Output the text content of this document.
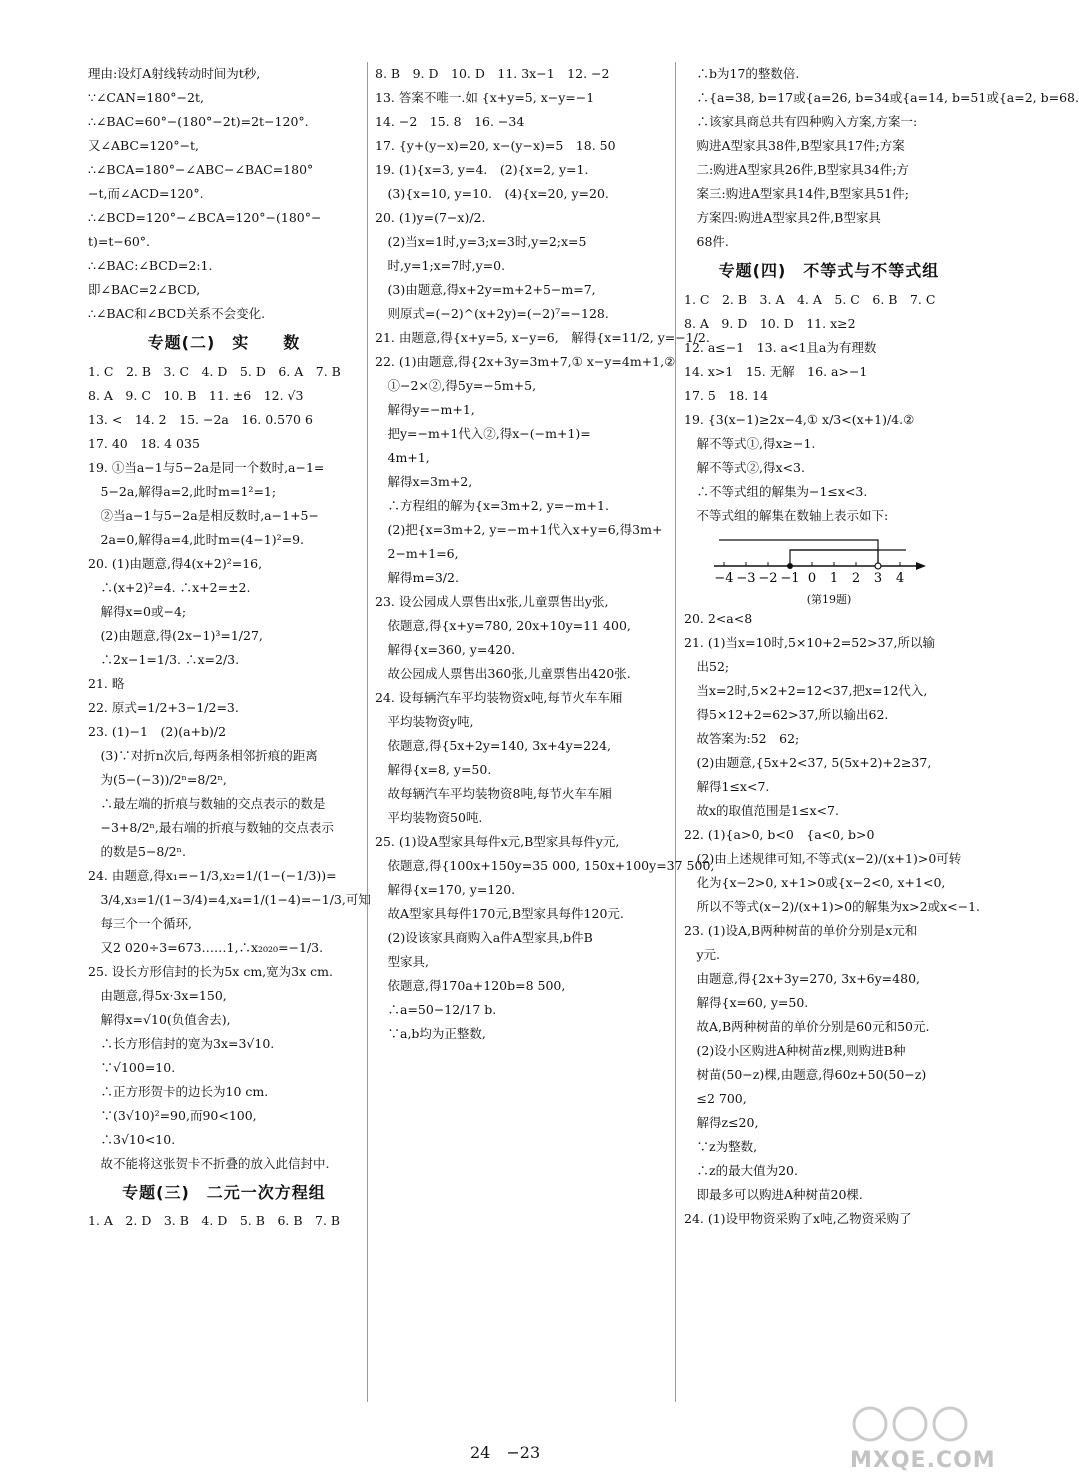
理由:设灯A射线转动时间为t秒,
∵∠CAN=180°−2t,
∴∠BAC=60°−(180°−2t)=2t−120°.
又∠ABC=120°−t,
∴∠BCA=180°−∠ABC−∠BAC=180°
−t,而∠ACD=120°.
∴∠BCD=120°−∠BCA=120°−(180°−
t)=t−60°.
∴∠BAC:∠BCD=2:1.
即∠BAC=2∠BCD,
∴∠BAC和∠BCD关系不会变化.
专题(二)　实　　数
1. C　2. B　3. C　4. D　5. D　6. A　7. B
8. A　9. C　10. B　11. ±6　12. √3
13. <　14. 2　15. −2a　16. 0.570 6
17. 40　18. 4 035
19. ①当a−1与5−2a是同一个数时,a−1=
　5−2a,解得a=2,此时m=1²=1;
　②当a−1与5−2a是相反数时,a−1+5−
　2a=0,解得a=4,此时m=(4−1)²=9.
20. (1)由题意,得4(x+2)²=16,
　∴(x+2)²=4. ∴x+2=±2.
　解得x=0或−4;
　(2)由题意,得(2x−1)³=1/27,
　∴2x−1=1/3. ∴x=2/3.
21. 略
22. 原式=1/2+3−1/2=3.
23. (1)−1　(2)(a+b)/2
　(3)∵对折n次后,每两条相邻折痕的距离
　为(5−(−3))/2ⁿ=8/2ⁿ,
　∴最左端的折痕与数轴的交点表示的数是
　−3+8/2ⁿ,最右端的折痕与数轴的交点表示
　的数是5−8/2ⁿ.
24. 由题意,得x₁=−1/3,x₂=1/(1−(−1/3))=
　3/4,x₃=1/(1−3/4)=4,x₄=1/(1−4)=−1/3,可知
　每三个一个循环,
　又2 020÷3=673……1,∴x₂₀₂₀=−1/3.
25. 设长方形信封的长为5x cm,宽为3x cm.
　由题意,得5x·3x=150,
　解得x=√10(负值舍去),
　∴长方形信封的宽为3x=3√10.
　∵√100=10.
　∴正方形贺卡的边长为10 cm.
　∵(3√10)²=90,而90<100,
　∴3√10<10.
　故不能将这张贺卡不折叠的放入此信封中.
专题(三)　二元一次方程组
1. A　2. D　3. B　4. D　5. B　6. B　7. B
8. B　9. D　10. D　11. 3x−1　12. −2
13. 答案不唯一.如 {x+y=5, x−y=−1
14. −2　15. 8　16. −34
17. {y+(y−x)=20, x−(y−x)=5　18. 50
19. (1){x=3, y=4.　(2){x=2, y=1.
　(3){x=10, y=10.　(4){x=20, y=20.
20. (1)y=(7−x)/2.
　(2)当x=1时,y=3;x=3时,y=2;x=5
　时,y=1;x=7时,y=0.
　(3)由题意,得x+2y=m+2+5−m=7,
　则原式=(−2)^(x+2y)=(−2)⁷=−128.
21. 由题意,得{x+y=5, x−y=6,　解得{x=11/2, y=−1/2.
22. (1)由题意,得{2x+3y=3m+7,① x−y=4m+1,②
　①−2×②,得5y=−5m+5,
　解得y=−m+1,
　把y=−m+1代入②,得x−(−m+1)=
　4m+1,
　解得x=3m+2,
　∴方程组的解为{x=3m+2, y=−m+1.
　(2)把{x=3m+2, y=−m+1代入x+y=6,得3m+
　2−m+1=6,
　解得m=3/2.
23. 设公园成人票售出x张,儿童票售出y张,
　依题意,得{x+y=780, 20x+10y=11 400,
　解得{x=360, y=420.
　故公园成人票售出360张,儿童票售出420张.
24. 设每辆汽车平均装物资x吨,每节火车车厢
　平均装物资y吨,
　依题意,得{5x+2y=140, 3x+4y=224,
　解得{x=8, y=50.
　故每辆汽车平均装物资8吨,每节火车车厢
　平均装物资50吨.
25. (1)设A型家具每件x元,B型家具每件y元,
　依题意,得{100x+150y=35 000, 150x+100y=37 500,
　解得{x=170, y=120.
　故A型家具每件170元,B型家具每件120元.
　(2)设该家具商购入a件A型家具,b件B
　型家具,
　依题意,得170a+120b=8 500,
　∴a=50−12/17 b.
　∵a,b均为正整数,
　∴b为17的整数倍.
　∴{a=38, b=17或{a=26, b=34或{a=14, b=51或{a=2, b=68.
　∴该家具商总共有四种购入方案,方案一:
　购进A型家具38件,B型家具17件;方案
　二:购进A型家具26件,B型家具34件;方
　案三:购进A型家具14件,B型家具51件;
　方案四:购进A型家具2件,B型家具
　68件.
专题(四)　不等式与不等式组
1. C　2. B　3. A　4. A　5. C　6. B　7. C
8. A　9. D　10. D　11. x≥2
12. a≤−1　13. a<1且a为有理数
14. x>1　15. 无解　16. a>−1
17. 5　18. 14
19. {3(x−1)≥2x−4,① x/3<(x+1)/4.②
　解不等式①,得x≥−1.
　解不等式②,得x<3.
　∴不等式组的解集为−1≤x<3.
　不等式组的解集在数轴上表示如下:
−4 −3 −2 −1 0 1 2 3 4
(第19题)
20. 2<a<8
21. (1)当x=10时,5×10+2=52>37,所以输
　出52;
　当x=2时,5×2+2=12<37,把x=12代入,
　得5×12+2=62>37,所以输出62.
　故答案为:52　62;
　(2)由题意,{5x+2<37, 5(5x+2)+2≥37,
　解得1≤x<7.
　故x的取值范围是1≤x<7.
22. (1){a>0, b<0　{a<0, b>0
　(2)由上述规律可知,不等式(x−2)/(x+1)>0可转
　化为{x−2>0, x+1>0或{x−2<0, x+1<0,
　所以不等式(x−2)/(x+1)>0的解集为x>2或x<−1.
23. (1)设A,B两种树苗的单价分别是x元和
　y元.
　由题意,得{2x+3y=270, 3x+6y=480,
　解得{x=60, y=50.
　故A,B两种树苗的单价分别是60元和50元.
　(2)设小区购进A种树苗z棵,则购进B种
　树苗(50−z)棵,由题意,得60z+50(50−z)
　≤2 700,
　解得z≤20,
　∵z为整数,
　∴z的最大值为20.
　即最多可以购进A种树苗20棵.
24. (1)设甲物资采购了x吨,乙物资采购了
24　−23	MXQE.COM
